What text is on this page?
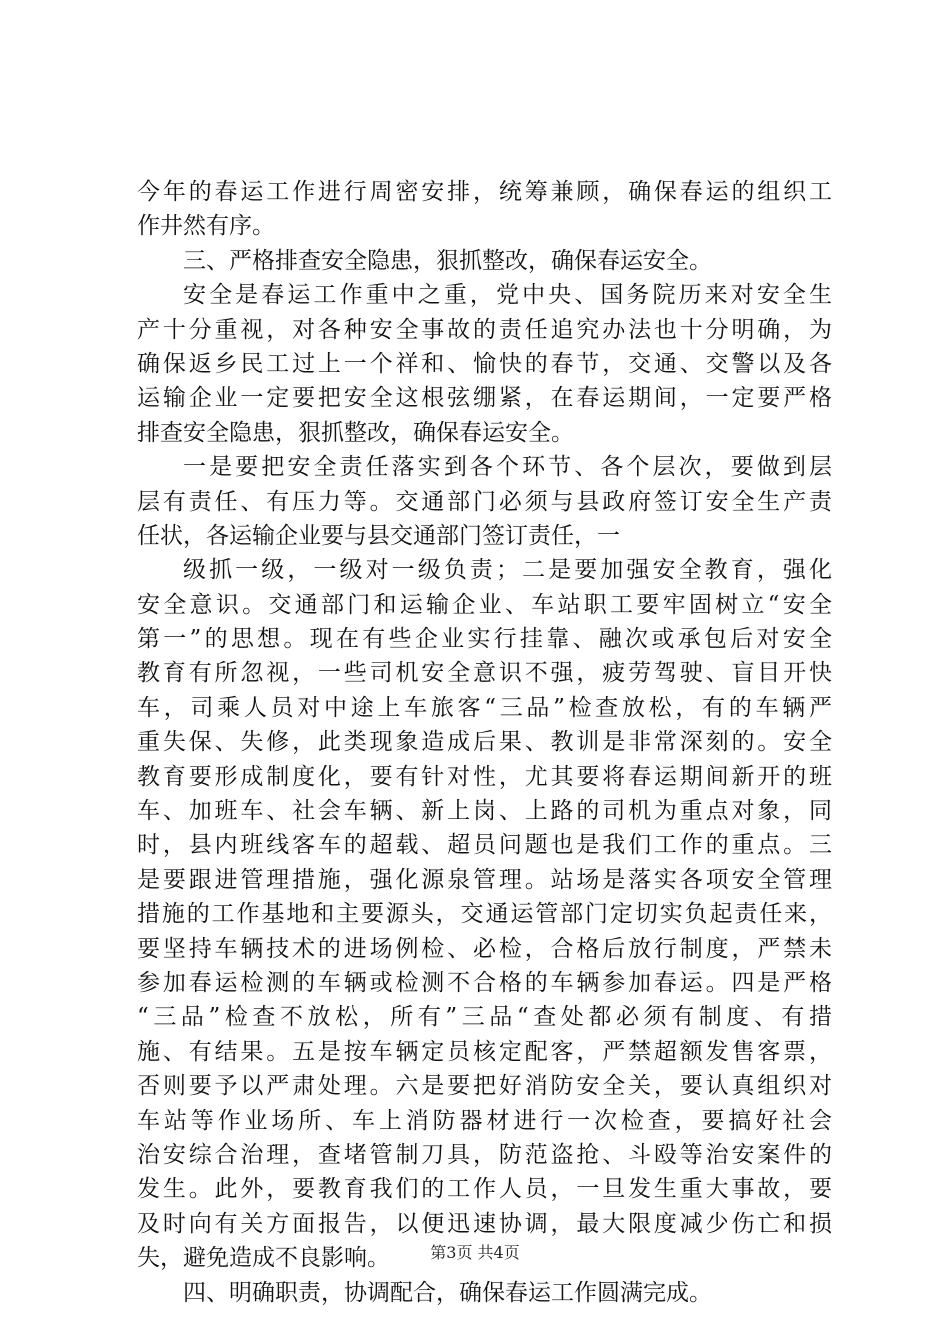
今年的春运工作进行周密安排，统筹兼顾，确保春运的组织工
作井然有序。
三、严格排查安全隐患，狠抓整改，确保春运安全。
安全是春运工作重中之重，党中央、国务院历来对安全生
产十分重视，对各种安全事故的责任追究办法也十分明确，为
确保返乡民工过上一个祥和、愉快的春节，交通、交警以及各
运输企业一定要把安全这根弦绷紧，在春运期间，一定要严格
排查安全隐患，狠抓整改，确保春运安全。
一是要把安全责任落实到各个环节、各个层次，要做到层
层有责任、有压力等。交通部门必须与县政府签订安全生产责
任状，各运输企业要与县交通部门签订责任，一
级抓一级，一级对一级负责；二是要加强安全教育，强化
安全意识。交通部门和运输企业、车站职工要牢固树立“安全
第一”的思想。现在有些企业实行挂靠、融次或承包后对安全
教育有所忽视，一些司机安全意识不强，疲劳驾驶、盲目开快
车，司乘人员对中途上车旅客“三品”检查放松，有的车辆严
重失保、失修，此类现象造成后果、教训是非常深刻的。安全
教育要形成制度化，要有针对性，尤其要将春运期间新开的班
车、加班车、社会车辆、新上岗、上路的司机为重点对象，同
时，县内班线客车的超载、超员问题也是我们工作的重点。三
是要跟进管理措施，强化源泉管理。站场是落实各项安全管理
措施的工作基地和主要源头，交通运管部门定切实负起责任来，
要坚持车辆技术的进场例检、必检，合格后放行制度，严禁未
参加春运检测的车辆或检测不合格的车辆参加春运。四是严格
“三品”检查不放松，所有”三品“查处都必须有制度、有措
施、有结果。五是按车辆定员核定配客，严禁超额发售客票，
否则要予以严肃处理。六是要把好消防安全关，要认真组织对
车站等作业场所、车上消防器材进行一次检查，要搞好社会
治安综合治理，查堵管制刀具，防范盗抢、斗殴等治安案件的
发生。此外，要教育我们的工作人员，一旦发生重大事故，要
及时向有关方面报告，以便迅速协调，最大限度减少伤亡和损
失，避免造成不良影响。
四、明确职责，协调配合，确保春运工作圆满完成。
第3页 共4页
